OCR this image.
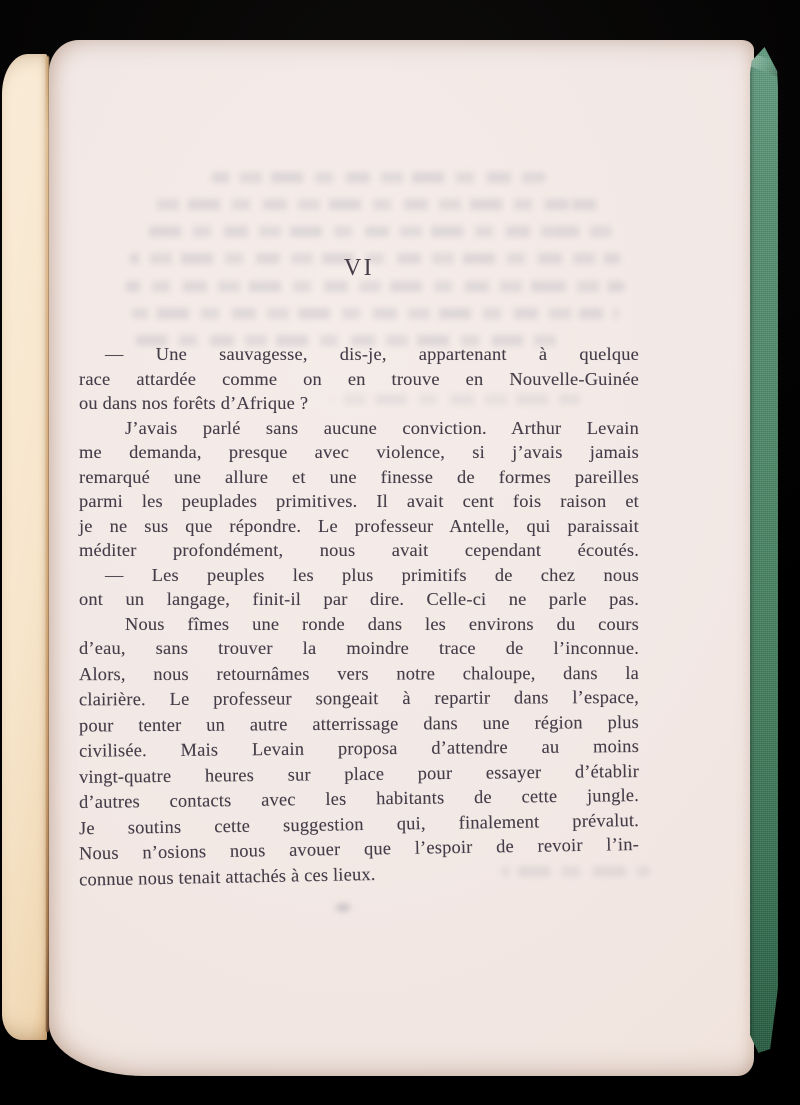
VI
— Une sauvagesse, dis-je, appartenant à quelque
race attardée comme on en trouve en Nouvelle-Guinée
ou dans nos forêts d’Afrique ?
J’avais parlé sans aucune conviction. Arthur Levain
me demanda, presque avec violence, si j’avais jamais
remarqué une allure et une finesse de formes pareilles
parmi les peuplades primitives. Il avait cent fois raison et
je ne sus que répondre. Le professeur Antelle, qui paraissait
méditer profondément, nous avait cependant écoutés.
— Les peuples les plus primitifs de chez nous
ont un langage, finit-il par dire. Celle-ci ne parle pas.
Nous fîmes une ronde dans les environs du cours
d’eau, sans trouver la moindre trace de l’inconnue.
Alors, nous retournâmes vers notre chaloupe, dans la
clairière. Le professeur songeait à repartir dans l’espace,
pour tenter un autre atterrissage dans une région plus
civilisée. Mais Levain proposa d’attendre au moins
vingt-quatre heures sur place pour essayer d’établir
d’autres contacts avec les habitants de cette jungle.
Je soutins cette suggestion qui, finalement prévalut.
Nous n’osions nous avouer que l’espoir de revoir l’in-
connue nous tenait attachés à ces lieux.
